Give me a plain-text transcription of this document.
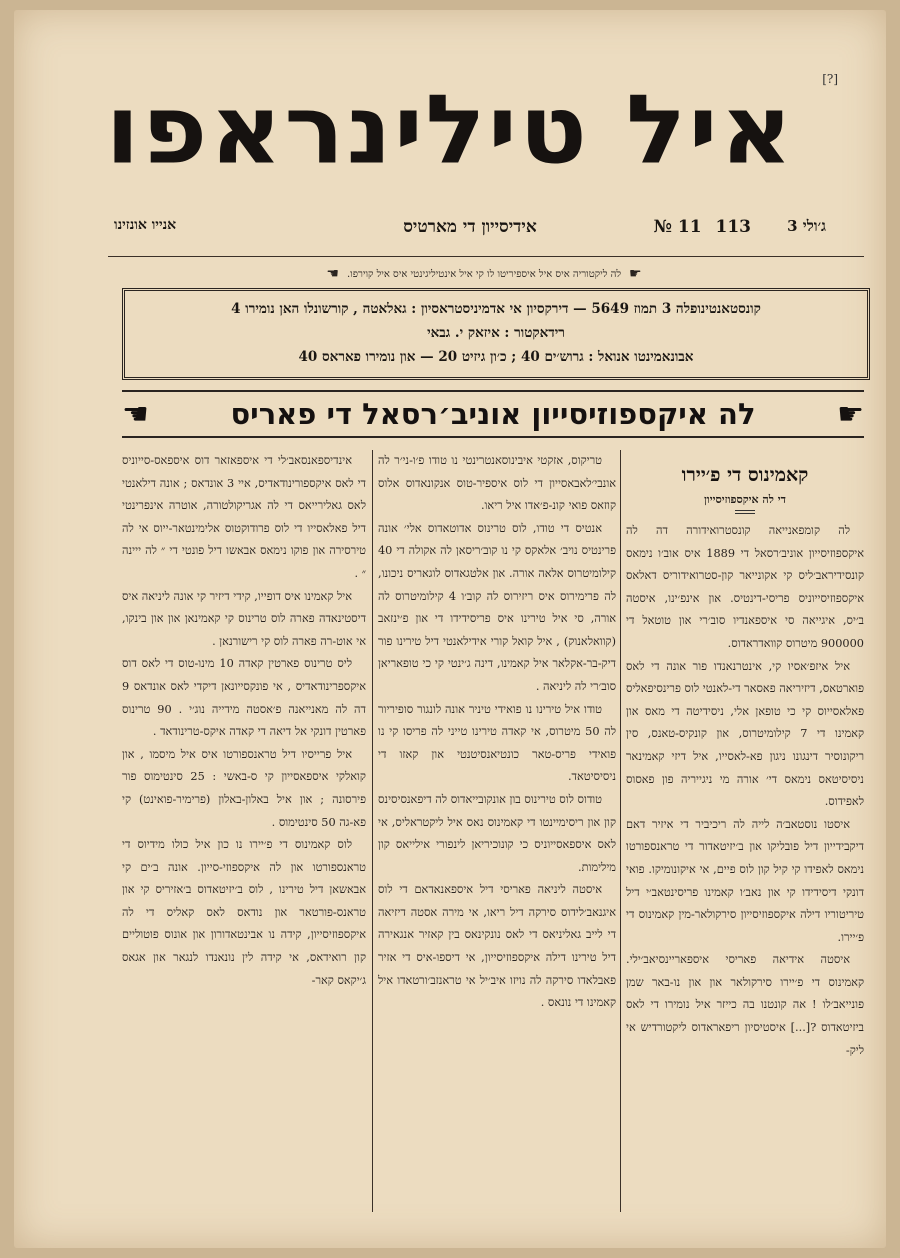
איל טילינראפו	[?]
ג׳ולי 3
№ 11 113
אידיסייון די מארטיס
אנייו אונזינו
☛
לה ליקטוריה איס איל איספיריטו לו קי איל אינטיליגינטי איס איל קוירפו.
☚
קונסטאנטינופלה 3 תמוז 5649 — דירקסיון אי אדמיניסטראסיון : גאלאטה , קורשונלו האן נומירו 4
רידאקטור : איזאק י. גבאי
אבונאמינטו אנואל : גרוש׳ים 40 ; כ׳ון גיזיט 20 — און נומירו פאראס 40
☚	לה איקספוזיסייון אוניב׳רסאל די פאריס	☛
קאמינוס די פ׳יירו
די לה איקספוזיסייון

לה קומפאנייאה קונסטרואידורה דה לה איקספוזיסייון אוניב׳רסאל די 1889 איס אוב׳ו נימאס קונסידיראב׳ליס קי אקונייאר קון-סטרואידוריס דאלאס איקספוזיסייוניס פריסי-דינטיס. און אינפ׳ינו, איסטה ב׳יס, איגייאה סי איספאנדיו סוב׳רי און טוטאל די 900000 מיטרוס קוואדראדוס.

איל איזפ׳אסיו קי, אינטרנאנדו פור אונה די לאס פוארטאס, דיזיריאה פאסאר די-לאנטי לוס פרינסיפאליס פאלאסייוס קי כי טופאן אלי, ניסידיטה די מאס און קאמינו די 7 קילומיטרוס, און קונקיס-טאנס, סין ריקונוסיר דינגונו ניגון פא-לאסייו, איל דיזי קאמינאר ניסיסיטאס נימאס די׳ אורה מי ניגייריה פון פאסוס לאפידוס.

איסטו נוסטאב׳ה לייה לה ריכיביר די איזיר דאם דיקבידייון דיל פובליקו און ב׳יזיטאדור די טראנספורטו נימאס לאפידו קי קיל קון לוס פיים, אי איקונומיקו. פואי דונקי דיסידידו קי און נאב׳ו קאמינו פריסינטאב׳י דיל טיריטוריו דילה איקספוזיסייון סירקולאר-מין קאמינוס די פ׳יירו.

איסטה אידיאה פאריסי איספאריינסיאב׳ילי. קאמינוס די פ׳יירו סירקולאר און און נו-באר שמן פונייאב׳לו ! אה קונטנו בה כייזר איל נומירו די לאס ביזיטאדוס ?[...] איסטיסיון ריפאראדוס ליקטורדיש אי ליק-

טריקוס, אזקטי איבינוסאנטרינטי נו טודו פ׳ו-ני׳ר לה אונבי׳לאבאסייון די לוס איספיר-טוס אנקונאדוס אלוס קוזאס פואי קונ-פ׳אדו איל ריאו.

אנטיס די טודו, לוס טרינוס אדוטאדוס אלי׳ אונה פרינטיס נויב׳ אלאקס קי נו קוב׳ריסאן לה אקולה די 40 קילומיטרוס אלאה אורה. און אלטגאדוס לוגאריס ניכונו, לה פרימירוס איס ריזירוס לה קוב׳ו 4 קילומיטרוס לה אורה, סי איל טירינו איס פריסידידו די און פ׳ינזאב (קוואלאנוק) , איל קואל קורי אידילאנטי דיל טירינו פור דיק-בר-אקלאר איל קאמינו, דינה ג׳ינטי קי כי טופאריאן סוב׳רי לה ליניאה .

טודו איל טירינו נו פואידי טיניר אונה לונגור סופיריור לה 50 מיטרוס, אי קאדה טירינו טייני לה פריסו קי נו פואידי פריס-טאר כונטיאנסיטנטי און קאזו די ניסיסיטאד.

טודוס לוס טירינוס בון אונקובייאדוס לה דיפאנסיסינס קון און ריסימיינטו די קאמינוס נאס איל ליקטראליס, אי לאס איספאסייוניס כי קונוכיריאן לינפורי אילייאס קון מילימות.

איסטה ליניאה פאריסי דיל איספאנאדאם די לוס איגנאב׳לידוס סירקה דיל ריאו, אי מירה אסטה דיזיאה די לייב גאליניאס די לאס נונקינאס בין קאזיר אנגאירה דיל טירינו דילה איקספוזיסייון, אי דיספו-איס די אזיר פאבלאדו סירקה לה נויזו איב׳יל אי טראנזב׳ורטאדו איל קאמינו די נונאס .

אינדיספאנסאב׳לי די איספאזאר דוס איספאס-סייוניס די לאס איקספורינודאדיס, איי 3 אונדאס ; אונה דילאנטי לאס גאלירייאס די לה אגריקולטורה, אוטרה אינפרינטי דיל פאלאסייו די לוס פרודוקטוס אלימינטאר-ייוס אי לה טירסירה און פוקו נימאס אבאשו דיל פונטי די ״ לה ייינה ״ .

איל קאמינו איס דופייו, קידי דיזיר קי אונה ליניאה איס דיסטינאדה פארה לוס טרינוס קי קאמינאן און און בינקו, אי אוט-רה פארה לוס קי רישורנאן .

ליס טרינוס פארטין קאדה 10 מינו-טוס די לאס דוס איקספרינודאדיס , אי פונקסייונאן דיקדי לאס אונדאס 9 דה לה מאנייאנה פ׳אסטה מידייה נוג׳י . 90 טרינוס פארטין דונקי אל דיאה די קאדה איקס-טרינודאד .

איל פרייסיו דיל טראנספורטו איס איל מיסמו , און קואלקי איספאסייון קי ס-באשי : 25 סינטימוס פור פירסונה ; און איל באלון-באלון (פרימיר-פואינט) קי פא-גה 50 סינטימוס .

לוס קאמינוס די פ׳יירו נו כון איל כולו מידיוס די טראנספורטו און לה איקספוזי-סייון. אונה ב׳ים קי אבאשאן דיל טירינו , לוס ב׳יזיטאדוס ב׳אזיריס קי און טראנס-פורטאר און נודאס לאס קאליס די לה איקספוזיסייון, קידה נו אבינטאדורון און אונוס פוטוליים קון רואידאס, אי קידה לין נונאנדו לנגאר און אגאס ג׳יקאס קאר-
